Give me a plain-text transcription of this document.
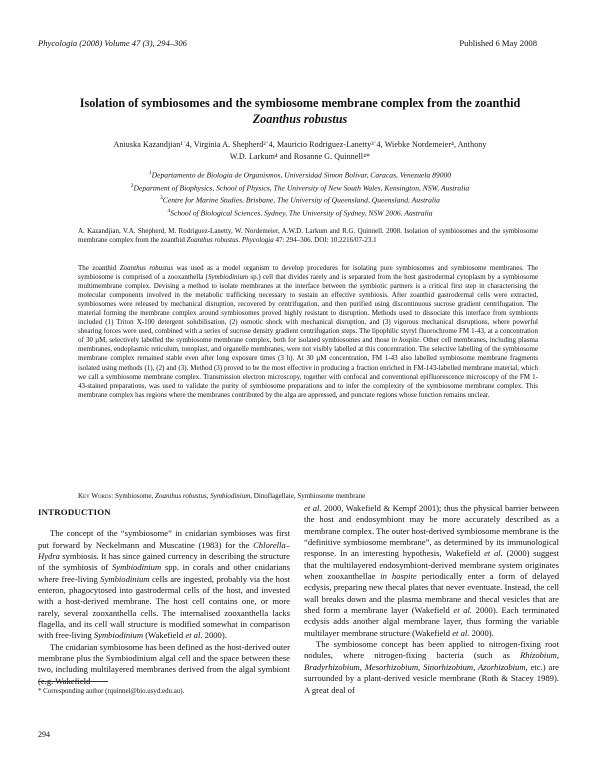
Phycologia (2008) Volume 47 (3), 294–306	Published 6 May 2008
Isolation of symbiosomes and the symbiosome membrane complex from the zoanthid
Zoanthus robustus
Aniuska Kazandjian¹˙4, Virginia A. Shepherd²˙4, Mauricio Rodriguez-Lanetty³˙4, Wiebke Nordemeier⁴, Anthony
W.D. Larkum⁴ and Rosanne G. Quinnell⁴*
$^1$Departamento de Biologia de Organismos, Universidad Simon Bolivar, Caracas, Venezuela 89000
$^2$Department of Biophysics, School of Physics, The University of New South Wales, Kensington, NSW, Australia
$^3$Centre for Marine Studies, Brisbane, The University of Queensland, Queensland, Australia
$^4$School of Biological Sciences, Sydney, The University of Sydney, NSW 2006, Australia
A. Kazandjian, V.A. Shepherd, M. Rodriguez-Lanetty, W. Nordemeier, A.W.D. Larkum and R.G. Quinnell. 2008. Isolation of symbiosomes and the symbiosome membrane complex from the zoanthid Zoanthus robustus. Phycologia 47: 294–306. DOI: 10.2216/07-23.1
The zoanthid Zoanthus robustus was used as a model organism to develop procedures for isolating pure symbiosomes and symbiosome membranes. The symbiosome is comprised of a zooxanthella (Symbiodinium sp.) cell that divides rarely and is separated from the host gastrodermal cytoplasm by a symbiosome multimembrane complex. Devising a method to isolate membranes at the interface between the symbiotic partners is a critical first step in characterising the molecular components involved in the metabolic trafficking necessary to sustain an effective symbiosis. After zoanthid gastrodermal cells were extracted, symbiosomes were released by mechanical disruption, recovered by centrifugation, and then purified using discontinuous sucrose gradient centrifugation. The material forming the membrane complex around symbiosomes proved highly resistant to disruption. Methods used to dissociate this interface from symbionts included (1) Triton X-100 detergent solubilisation, (2) osmotic shock with mechanical disruption, and (3) vigorous mechanical disruptions, where powerful shearing forces were used, combined with a series of sucrose density gradient centrifugation steps. The lipophilic styryl fluorochrome FM 1-43, at a concentration of 30 µM, selectively labelled the symbiosome membrane complex, both for isolated symbiosomes and those in hospite. Other cell membranes, including plasma membranes, endoplasmic reticulum, tonoplast, and organelle membranes, were not visibly labelled at this concentration. The selective labelling of the symbiosome membrane complex remained stable even after long exposure times (3 h). At 30 µM concentration, FM 1-43 also labelled symbiosome membrane fragments isolated using methods (1), (2) and (3). Method (3) proved to be the most effective in producing a fraction enriched in FM-143-labelled membrane material, which we call a symbiosome membrane complex. Transmission electron microscopy, together with confocal and conventional epifluorescence microscopy of the FM 1-43-stained preparations, was used to validate the purity of symbiosome preparations and to infer the complexity of the symbiosome membrane complex. This membrane complex has regions where the membranes contributed by the alga are appressed, and punctate regions whose function remains unclear.
Key Words: Symbiosome, Zoanthus robustus, Symbiodinium, Dinoflagellate, Symbiosome membrane
INTRODUCTION

The concept of the “symbiosome” in cnidarian symbioses was first put forward by Neckelmann and Muscatine (1983) for the Chlorella–Hydra symbiosis. It has since gained currency in describing the structure of the symbiosis of Symbiodinium spp. in corals and other cnidarians where free-living Symbiodinium cells are ingested, probably via the host enteron, phagocytosed into gastrodermal cells of the host, and invested with a host-derived membrane. The host cell contains one, or more rarely, several zooxanthella cells. The internalised zooxanthella lacks flagella, and its cell wall structure is modified somewhat in comparison with free-living Symbiodinium (Wakefield et al. 2000).

The cnidarian symbiosome has been defined as the host-derived outer membrane plus the Symbiodinium algal cell and the space between these two, including multilayered membranes derived from the algal symbiont (e.g. Wakefield

et al. 2000, Wakefield & Kempf 2001); thus the physical barrier between the host and endosymbiont may be more accurately described as a membrane complex. The outer host-derived symbiosome membrane is the “definitive symbiosome membrane”, as determined by its immunological response. In an interesting hypothesis, Wakefield et al. (2000) suggest that the multilayered endosymbiont-derived membrane system originates when zooxanthellae in hospite periodically enter a form of delayed ecdysis, preparing new thecal plates that never eventuate. Instead, the cell wall breaks down and the plasma membrane and thecal vesicles that are shed form a membrane layer (Wakefield et al. 2000). Each terminated ecdysis adds another algal membrane layer, thus forming the variable multilayer membrane structure (Wakefield et al. 2000).

The symbiosome concept has been applied to nitrogen-fixing root nodules, where nitrogen-fixing bacteria (such as Rhizobium, Bradyrhizobium, Mesorhizobium, Sinorhizobium, Azorhizobium, etc.) are surrounded by a plant-derived vesicle membrane (Roth & Stacey 1989). A great deal of

* Corresponding author (rquinnel@bio.usyd.edu.au).
294
